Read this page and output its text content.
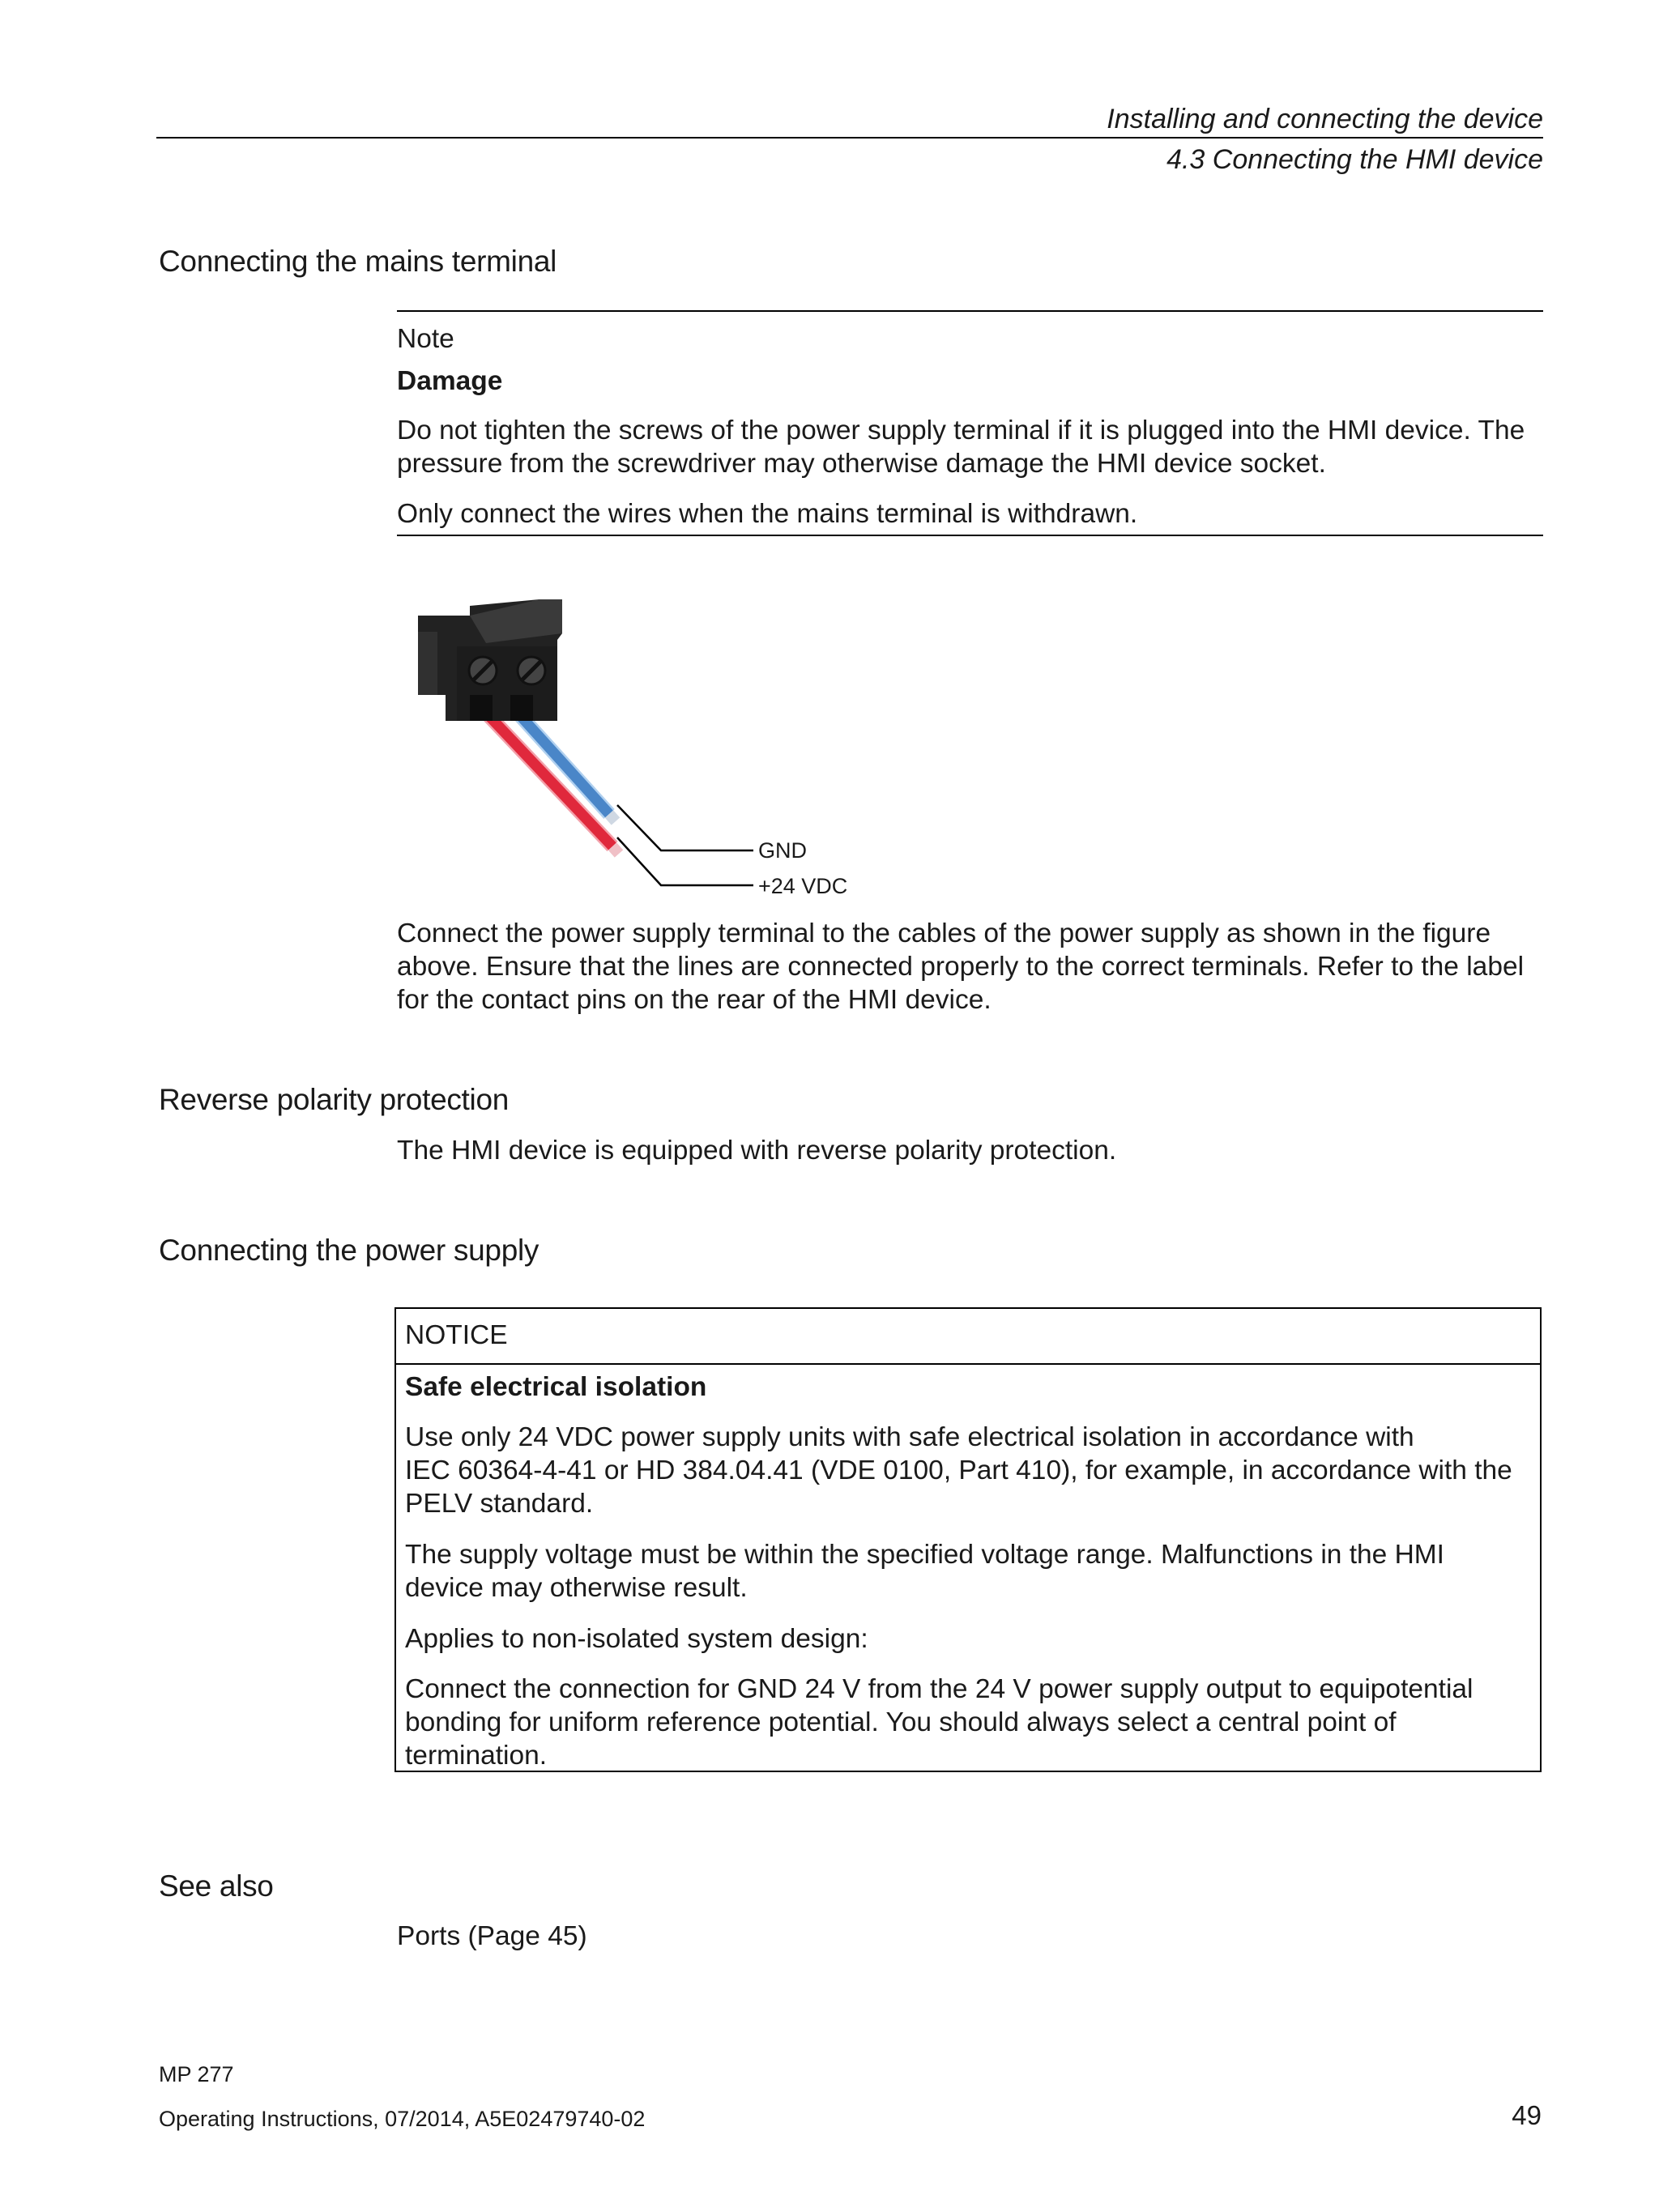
Installing and connecting the device
4.3 Connecting the HMI device
Connecting the mains terminal

Note

Damage

Do not tighten the screws of the power supply terminal if it is plugged into the HMI device. The pressure from the screwdriver may otherwise damage the HMI device socket.

Only connect the wires when the mains terminal is withdrawn.

GND
+24 VDC

Connect the power supply terminal to the cables of the power supply as shown in the figure above. Ensure that the lines are connected properly to the correct terminals. Refer to the label for the contact pins on the rear of the HMI device.

Reverse polarity protection

The HMI device is equipped with reverse polarity protection.

Connecting the power supply
NOTICE
Safe electrical isolation
Use only 24 VDC power supply units with safe electrical isolation in accordance with
IEC 60364-4-41 or HD 384.04.41 (VDE 0100, Part 410), for example, in accordance with the PELV standard.
The supply voltage must be within the specified voltage range. Malfunctions in the HMI device may otherwise result.
Applies to non-isolated system design:
Connect the connection for GND 24 V from the 24 V power supply output to equipotential bonding for uniform reference potential. You should always select a central point of termination.
See also

Ports (Page 45)

MP 277
Operating Instructions, 07/2014, A5E02479740-02	49
